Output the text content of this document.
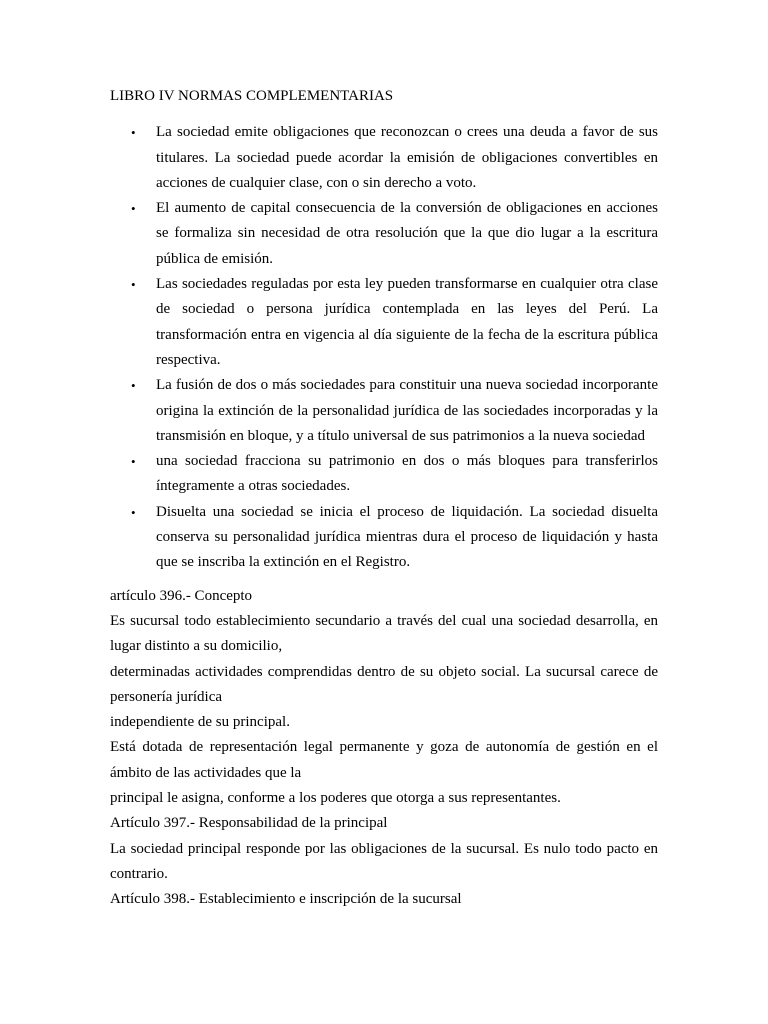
LIBRO IV NORMAS COMPLEMENTARIAS
• La sociedad emite obligaciones que reconozcan o crees una deuda a favor de sus titulares. La sociedad puede acordar la emisión de obligaciones convertibles en acciones de cualquier clase, con o sin derecho a voto.
• El aumento de capital consecuencia de la conversión de obligaciones en acciones se formaliza sin necesidad de otra resolución que la que dio lugar a la escritura pública de emisión.
• Las sociedades reguladas por esta ley pueden transformarse en cualquier otra clase de sociedad o persona jurídica contemplada en las leyes del Perú. La transformación entra en vigencia al día siguiente de la fecha de la escritura pública respectiva.
• La fusión de dos o más sociedades para constituir una nueva sociedad incorporante origina la extinción de la personalidad jurídica de las sociedades incorporadas y la transmisión en bloque, y a título universal de sus patrimonios a la nueva sociedad
• una sociedad fracciona su patrimonio en dos o más bloques para transferirlos íntegramente a otras sociedades.
• Disuelta una sociedad se inicia el proceso de liquidación. La sociedad disuelta conserva su personalidad jurídica mientras dura el proceso de liquidación y hasta que se inscriba la extinción en el Registro.

artículo 396.- Concepto

Es sucursal todo establecimiento secundario a través del cual una sociedad desarrolla, en lugar distinto a su domicilio,

determinadas actividades comprendidas dentro de su objeto social. La sucursal carece de personería jurídica

independiente de su principal.

Está dotada de representación legal permanente y goza de autonomía de gestión en el ámbito de las actividades que la

principal le asigna, conforme a los poderes que otorga a sus representantes.

Artículo 397.- Responsabilidad de la principal

La sociedad principal responde por las obligaciones de la sucursal. Es nulo todo pacto en contrario.

Artículo 398.- Establecimiento e inscripción de la sucursal
